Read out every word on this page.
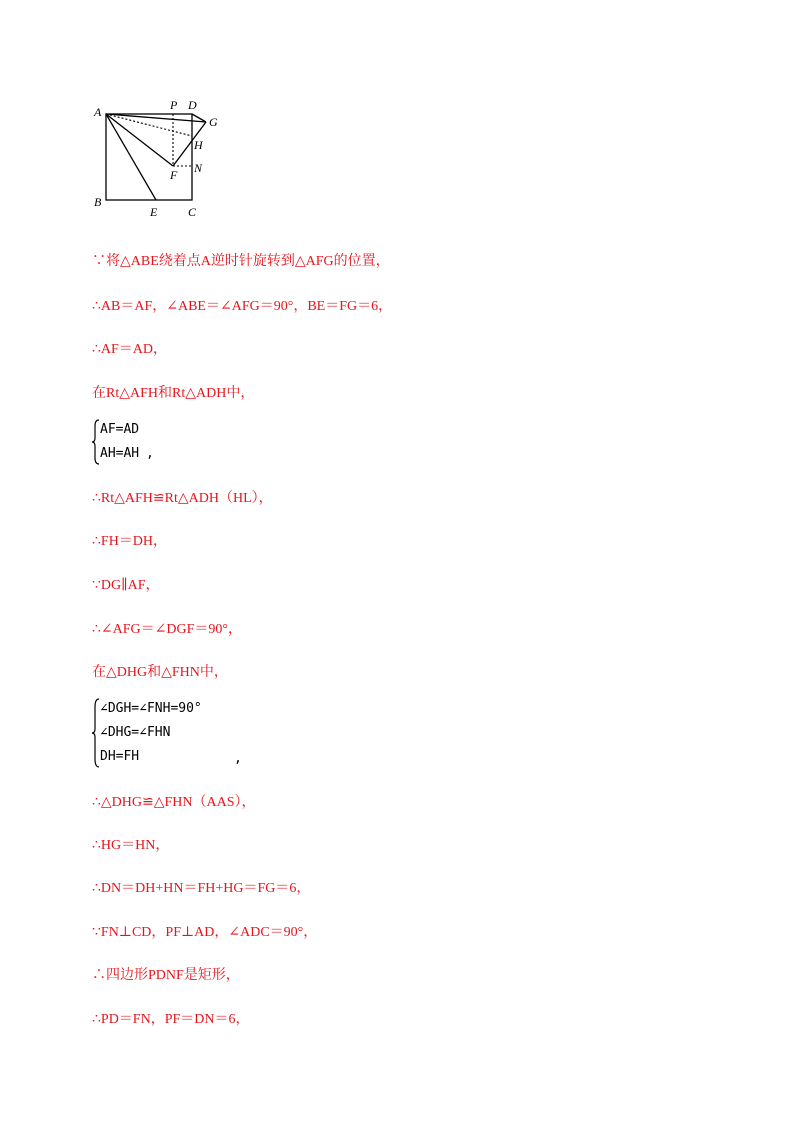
A	P D
G
H
N
F
B
E	C
∵将△ABE绕着点A逆时针旋转到△AFG的位置，
∴AB＝AF，∠ABE＝∠AFG＝90°，BE＝FG＝6，
∴AF＝AD，
在Rt△AFH和Rt△ADH中，
AF=AD
AH=AH ,
∴Rt△AFH≌Rt△ADH（HL），
∴FH＝DH，
∵DG∥AF，
∴∠AFG＝∠DGF＝90°，
在△DHG和△FHN中，
∠DGH=∠FNH=90°
∠DHG=∠FHN
DH=FH	,
∴△DHG≌△FHN（AAS），
∴HG＝HN，
∴DN＝DH+HN＝FH+HG＝FG＝6，
∵FN⊥CD，PF⊥AD，∠ADC＝90°，
∴四边形PDNF是矩形，
∴PD＝FN，PF＝DN＝6，
